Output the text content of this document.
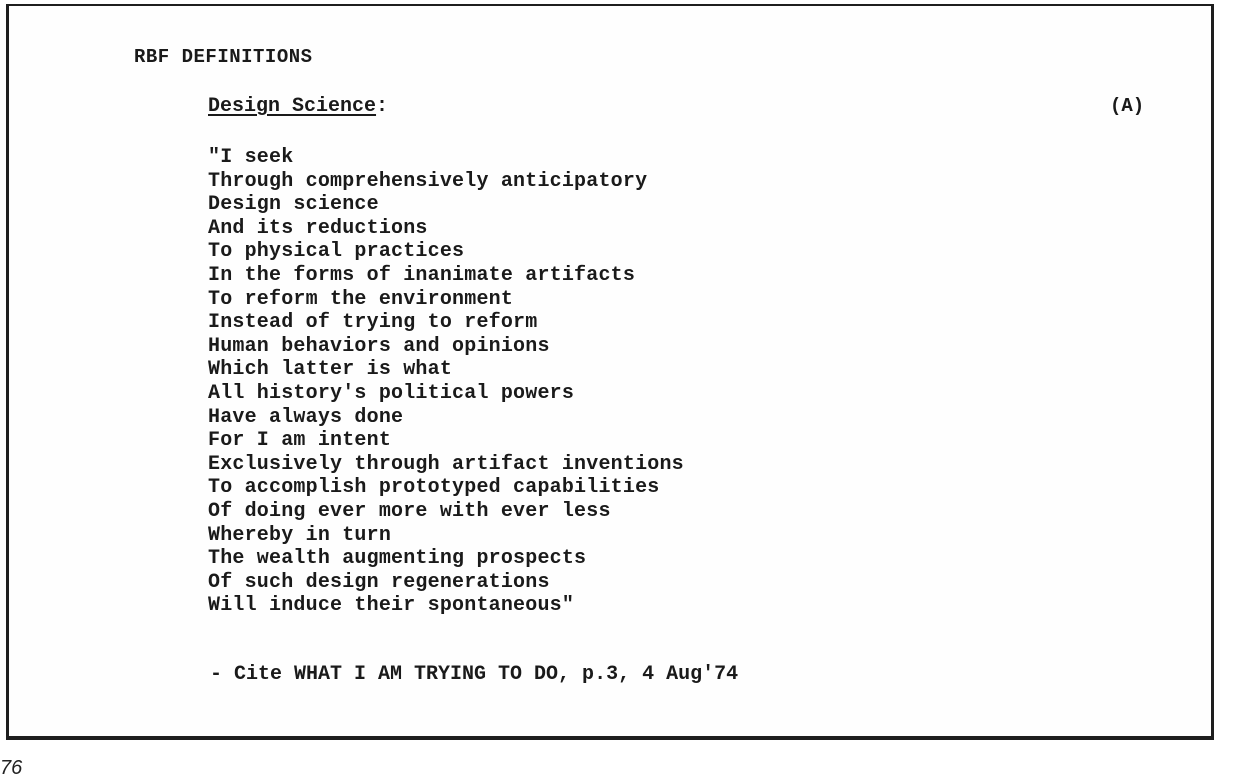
RBF DEFINITIONS
Design Science:	(A)
"I seek
Through comprehensively anticipatory
Design science
And its reductions
To physical practices
In the forms of inanimate artifacts
To reform the environment
Instead of trying to reform
Human behaviors and opinions
Which latter is what
All history's political powers
Have always done
For I am intent
Exclusively through artifact inventions
To accomplish prototyped capabilities
Of doing ever more with ever less
Whereby in turn
The wealth augmenting prospects
Of such design regenerations
Will induce their spontaneous"
- Cite WHAT I AM TRYING TO DO, p.3, 4 Aug'74
76
